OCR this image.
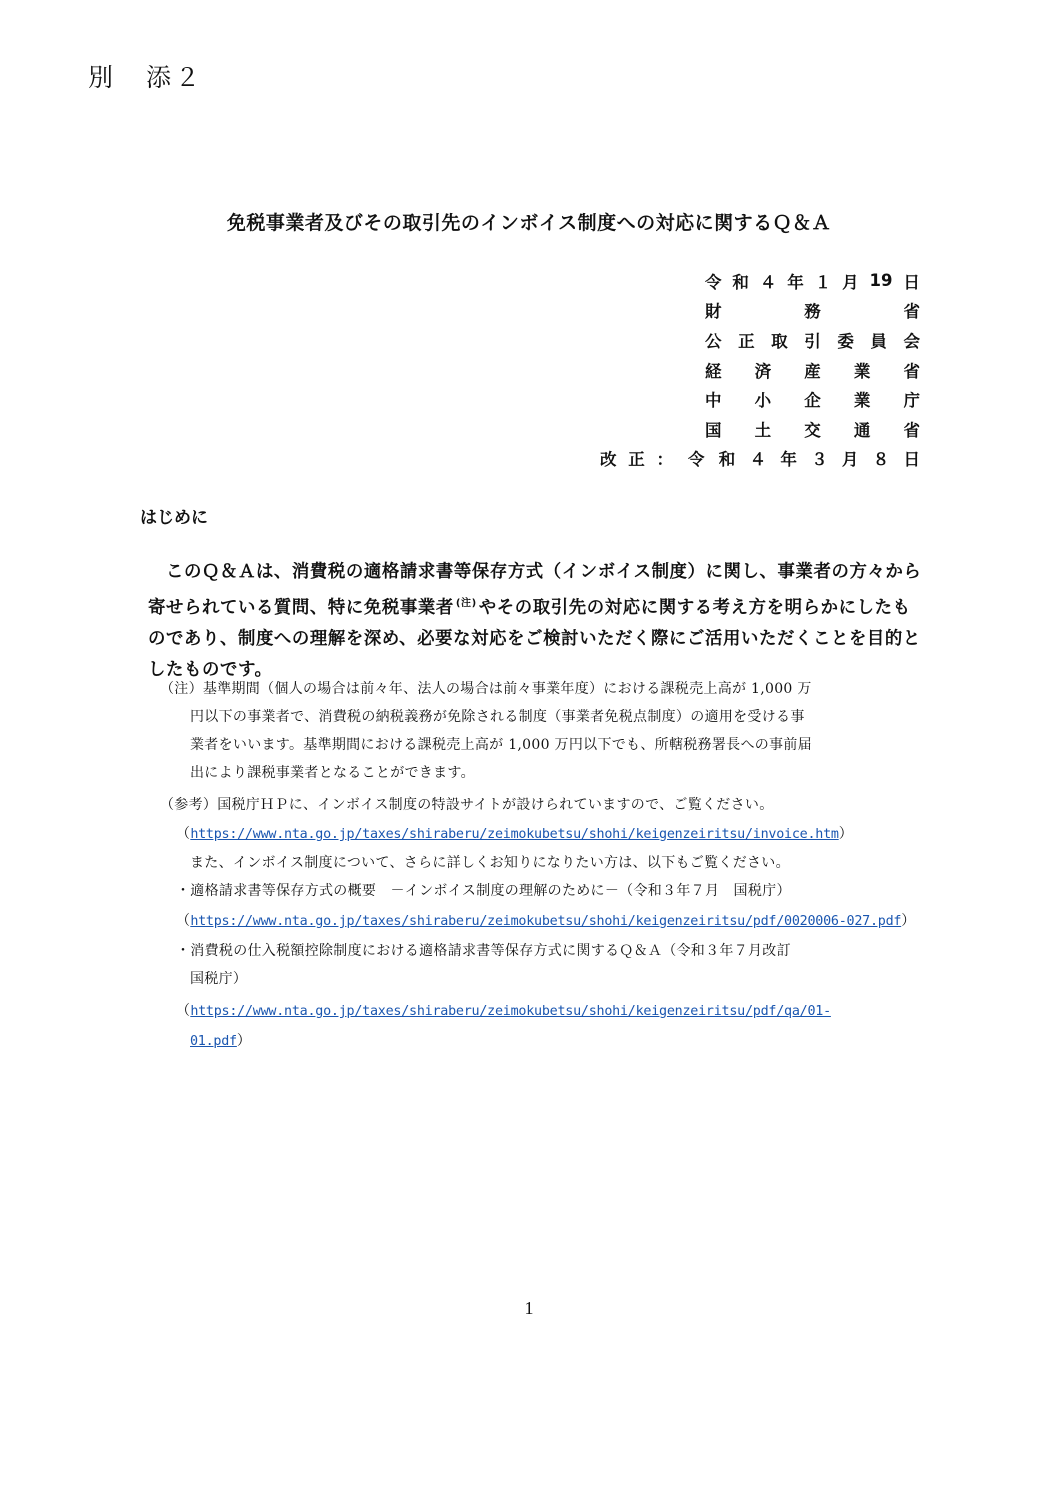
別　添２
免税事業者及びその取引先のインボイス制度への対応に関するＱ＆Ａ
令 和 ４ 年 １ 月 19 日
財	務	省
公 正 取 引 委 員 会
経 済 産 業 省
中 小 企 業 庁
国 土 交 通 省
改 正 ： 令 和 ４ 年 ３ 月 ８ 日
はじめに
　このＱ＆Ａは、消費税の適格請求書等保存方式（インボイス制度）に関し、事業者の方々から寄せられている質問、特に免税事業者 $^{(注)}$ やその取引先の対応に関する考え方を明らかにしたものであり、制度への理解を深め、必要な対応をご検討いただく際にご活用いただくことを目的としたものです。
（注）基準期間（個人の場合は前々年、法人の場合は前々事業年度）における課税売上高が 1,000 万
円以下の事業者で、消費税の納税義務が免除される制度（事業者免税点制度）の適用を受ける事
業者をいいます。基準期間における課税売上高が 1,000 万円以下でも、所轄税務署長への事前届
出により課税事業者となることができます。
（参考）国税庁ＨＰに、インボイス制度の特設サイトが設けられていますので、ご覧ください。
（https://www.nta.go.jp/taxes/shiraberu/zeimokubetsu/shohi/keigenzeiritsu/invoice.htm）
また、インボイス制度について、さらに詳しくお知りになりたい方は、以下もご覧ください。
・適格請求書等保存方式の概要　－インボイス制度の理解のために－（令和３年７月　国税庁）
（https://www.nta.go.jp/taxes/shiraberu/zeimokubetsu/shohi/keigenzeiritsu/pdf/0020006-027.pdf）
・消費税の仕入税額控除制度における適格請求書等保存方式に関するＱ＆Ａ（令和３年７月改訂
国税庁）
（https://www.nta.go.jp/taxes/shiraberu/zeimokubetsu/shohi/keigenzeiritsu/pdf/qa/01-
01.pdf）
1
